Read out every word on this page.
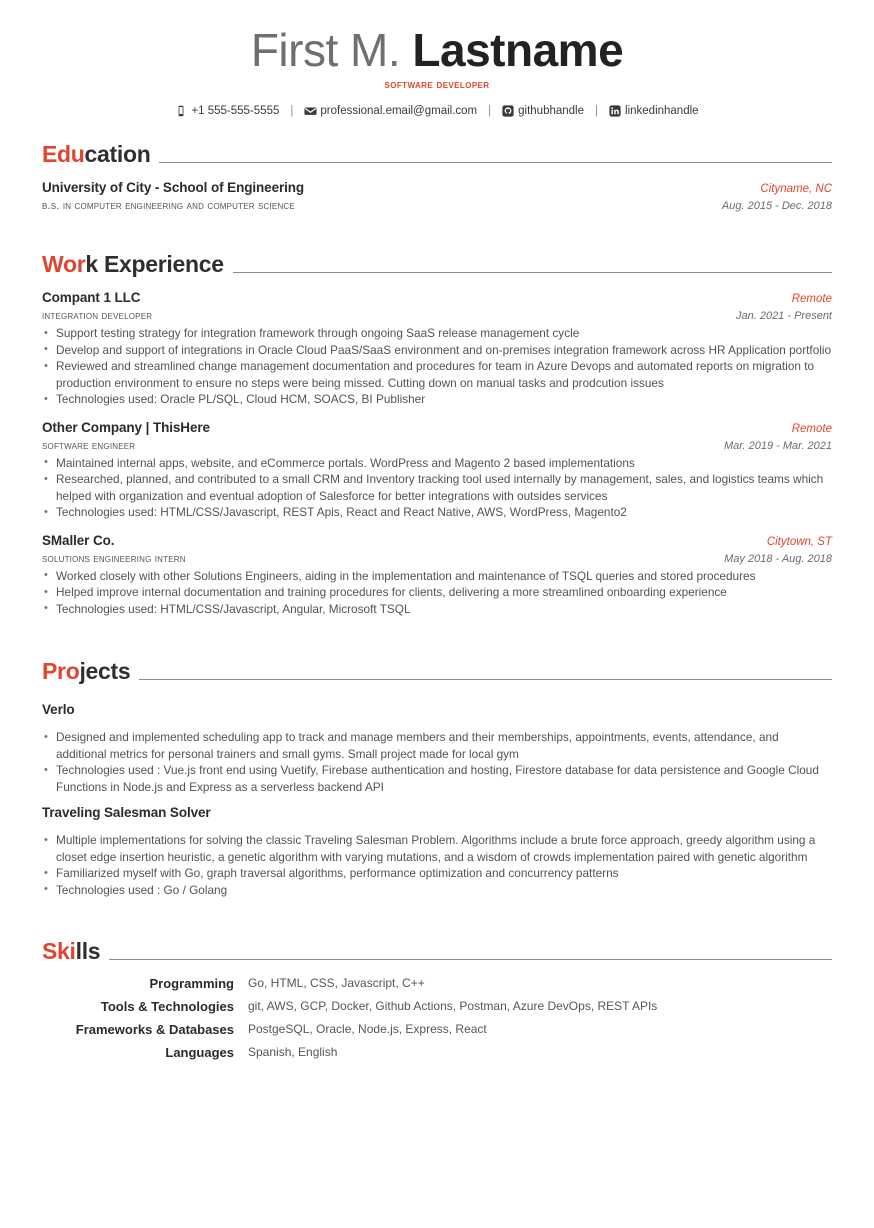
First M. Lastname
software developer
+1 555-555-5555 |	professional.email@gmail.com |	githubhandle |	linkedinhandle
Education
University of City - School of Engineering	Cityname, NC
b.s. in computer engineering and computer science	Aug. 2015 - Dec. 2018
Work Experience
Compant 1 LLC	Remote
integration developer	Jan. 2021 - Present
• Support testing strategy for integration framework through ongoing SaaS release management cycle
• Develop and support of integrations in Oracle Cloud PaaS/SaaS environment and on-premises integration framework across HR Application portfolio
• Reviewed and streamlined change management documentation and procedures for team in Azure Devops and automated reports on migration to production environment to ensure no steps were being missed. Cutting down on manual tasks and prodcution issues
• Technologies used: Oracle PL/SQL, Cloud HCM, SOACS, BI Publisher
Other Company | ThisHere	Remote
software engineer	Mar. 2019 - Mar. 2021
• Maintained internal apps, website, and eCommerce portals. WordPress and Magento 2 based implementations
• Researched, planned, and contributed to a small CRM and Inventory tracking tool used internally by management, sales, and logistics teams which helped with organization and eventual adoption of Salesforce for better integrations with outsides services
• Technologies used: HTML/CSS/Javascript, REST Apis, React and React Native, AWS, WordPress, Magento2
SMaller Co.	Citytown, ST
solutions engineering intern	May 2018 - Aug. 2018
• Worked closely with other Solutions Engineers, aiding in the implementation and maintenance of TSQL queries and stored procedures
• Helped improve internal documentation and training procedures for clients, delivering a more streamlined onboarding experience
• Technologies used: HTML/CSS/Javascript, Angular, Microsoft TSQL
Projects
Verlo
• Designed and implemented scheduling app to track and manage members and their memberships, appointments, events, attendance, and additional metrics for personal trainers and small gyms. Small project made for local gym
• Technologies used : Vue.js front end using Vuetify, Firebase authentication and hosting, Firestore database for data persistence and Google Cloud Functions in Node.js and Express as a serverless backend API
Traveling Salesman Solver
• Multiple implementations for solving the classic Traveling Salesman Problem. Algorithms include a brute force approach, greedy algorithm using a closet edge insertion heuristic, a genetic algorithm with varying mutations, and a wisdom of crowds implementation paired with genetic algorithm
• Familiarized myself with Go, graph traversal algorithms, performance optimization and concurrency patterns
• Technologies used : Go / Golang
Skills
Programming	Go, HTML, CSS, Javascript, C++
Tools & Technologies	git, AWS, GCP, Docker, Github Actions, Postman, Azure DevOps, REST APIs
Frameworks & Databases	PostgeSQL, Oracle, Node.js, Express, React
Languages	Spanish, English
